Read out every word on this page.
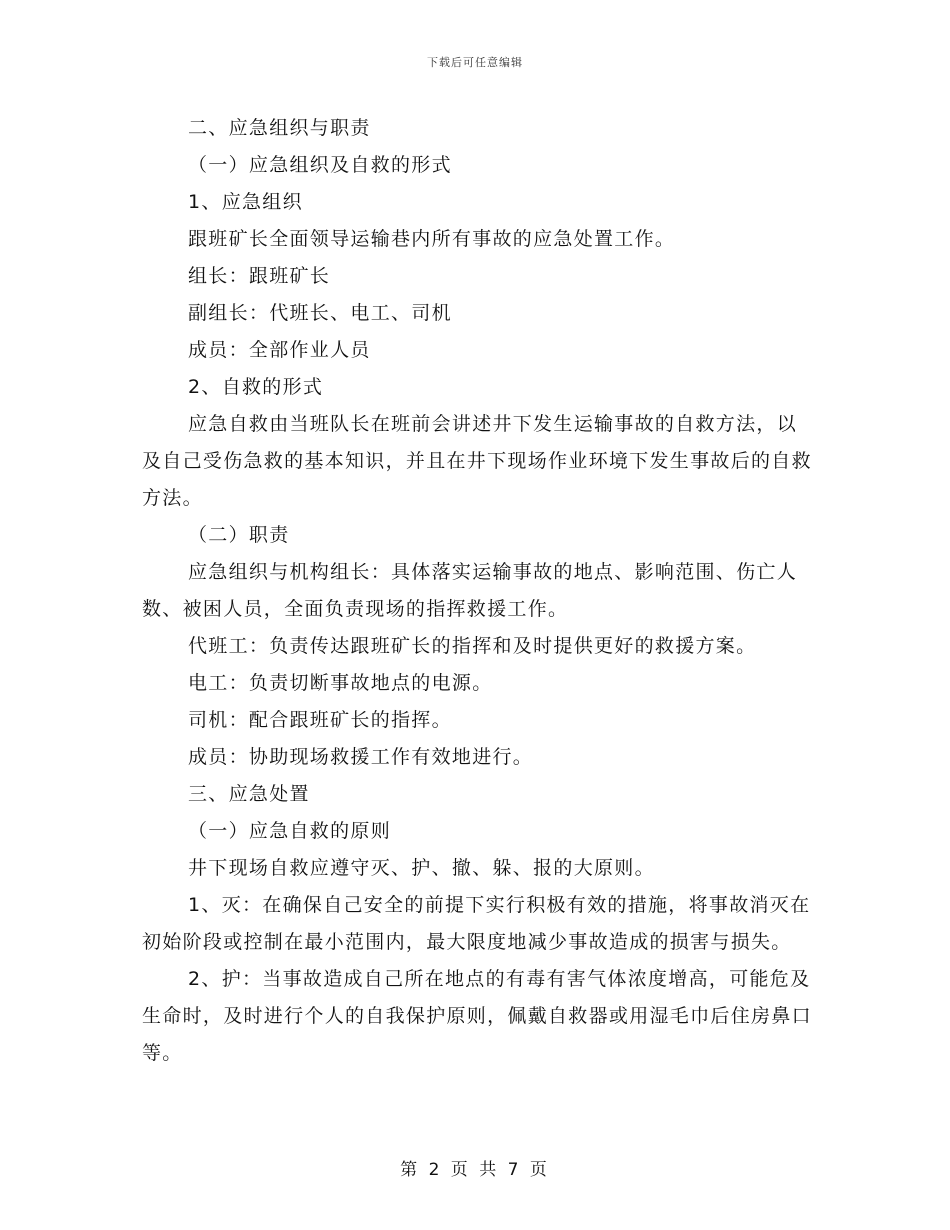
下载后可任意编辑

二、应急组织与职责

（一）应急组织及自救的形式

1、应急组织

跟班矿长全面领导运输巷内所有事故的应急处置工作。

组长：跟班矿长

副组长：代班长、电工、司机

成员：全部作业人员

2、自救的形式

应急自救由当班队长在班前会讲述井下发生运输事故的自救方法，以及自己受伤急救的基本知识，并且在井下现场作业环境下发生事故后的自救方法。

（二）职责

应急组织与机构组长：具体落实运输事故的地点、影响范围、伤亡人数、被困人员，全面负责现场的指挥救援工作。

代班工：负责传达跟班矿长的指挥和及时提供更好的救援方案。

电工：负责切断事故地点的电源。

司机：配合跟班矿长的指挥。

成员：协助现场救援工作有效地进行。

三、应急处置

（一）应急自救的原则

井下现场自救应遵守灭、护、撤、躲、报的大原则。

1、灭：在确保自己安全的前提下实行积极有效的措施，将事故消灭在初始阶段或控制在最小范围内，最大限度地减少事故造成的损害与损失。

2、护：当事故造成自己所在地点的有毒有害气体浓度增高，可能危及生命时，及时进行个人的自我保护原则，佩戴自救器或用湿毛巾后住房鼻口等。

第 2 页 共 7 页
